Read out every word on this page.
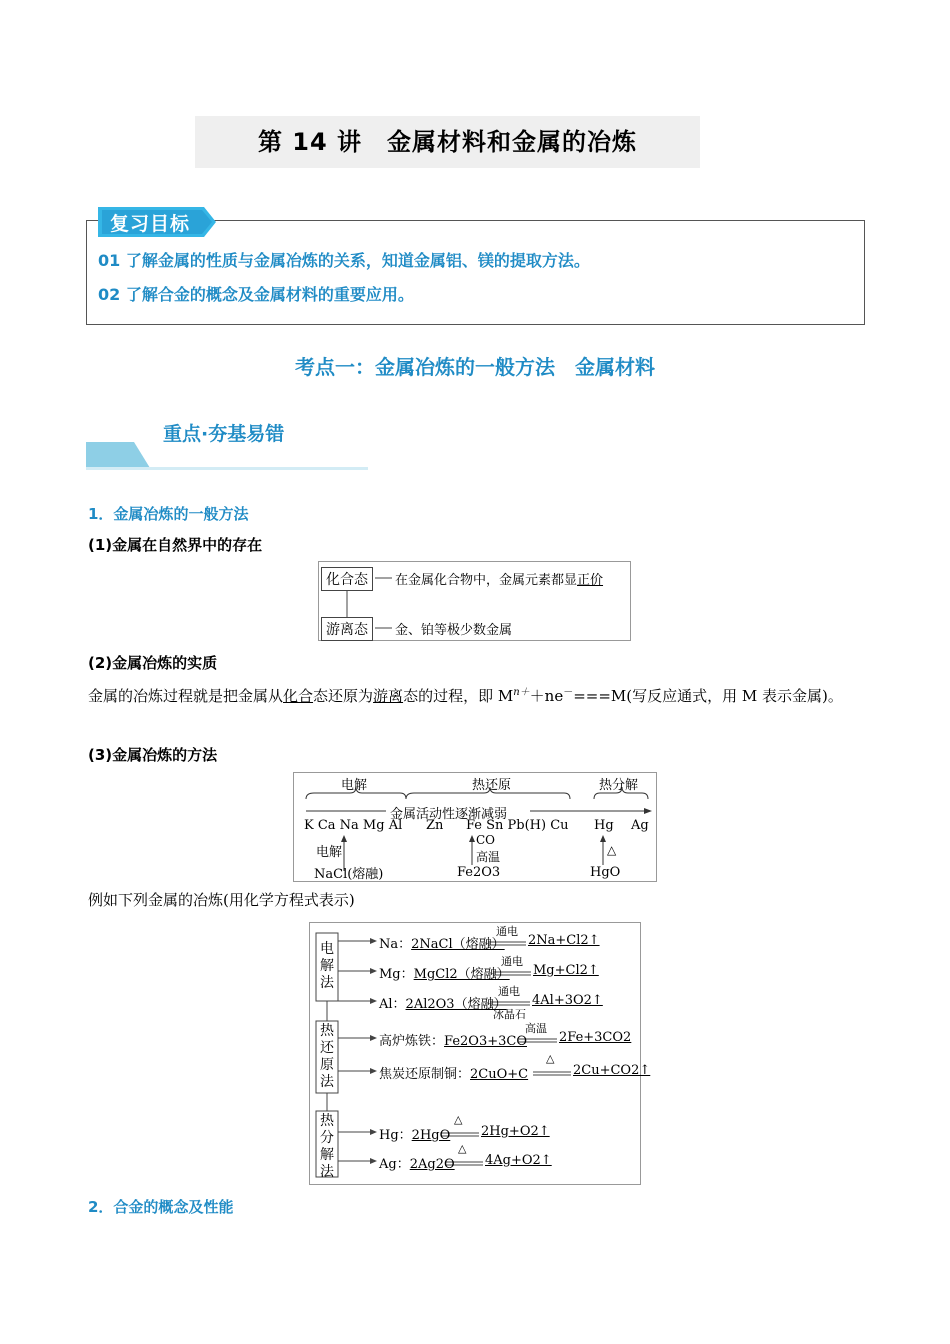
第 14 讲　金属材料和金属的冶炼
复习目标
01 了解金属的性质与金属冶炼的关系，知道金属铝、镁的提取方法。
02 了解合金的概念及金属材料的重要应用。
考点一：金属冶炼的一般方法　金属材料
重点·夯基易错
1．金属冶炼的一般方法
(1)金属在自然界中的存在
化合态	在金属化合物中，金属元素都显正价
游离态	金、铂等极少数金属
(2)金属冶炼的实质
金属的冶炼过程就是把金属从化合态还原为游离态的过程，即 $M^{n+}+ne^-===M$(写反应通式，用 M 表示金属)。
(3)金属冶炼的方法
电解	热还原	热分解
金属活动性逐渐减弱
K Ca Na Mg Al Zn Fe Sn Pb(H) Cu Hg Ag
电解
NaCl(熔融)
CO
高温
Fe2O3
△
HgO
例如下列金属的冶炼(用化学方程式表示)
电解法
热还原法
热分解法
Na：2NaCl（熔融）
通电
2Na+Cl2↑
Mg：MgCl2（熔融）
通电
Mg+Cl2↑
Al：2Al2O3（熔融）
通电
冰晶石
4Al+3O2↑
高炉炼铁：Fe2O3+3CO
高温
2Fe+3CO2
焦炭还原制铜：2CuO+C
△
2Cu+CO2↑
Hg：2HgO
△
2Hg+O2↑
Ag：2Ag2O
△
4Ag+O2↑
2．合金的概念及性能
